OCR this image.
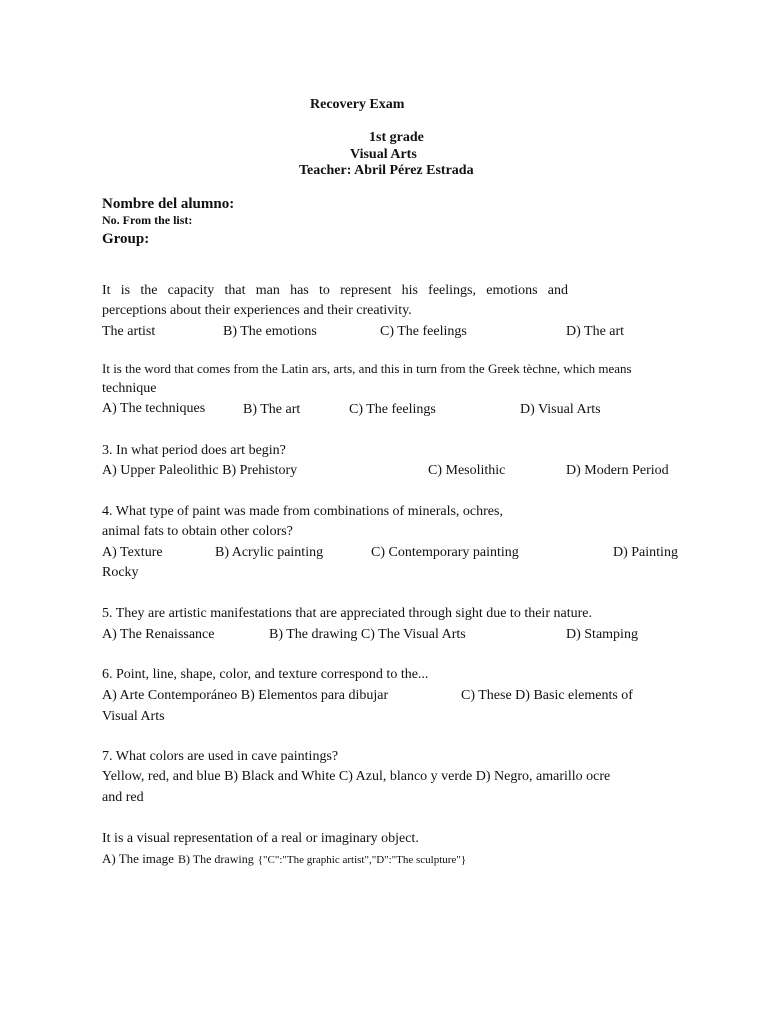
Recovery Exam
1st grade
Visual Arts
Teacher: Abril Pérez Estrada
Nombre del alumno:
No. From the list:
Group:
It is the capacity that man has to represent his feelings, emotions and
perceptions about their experiences and their creativity.
The artist	B) The emotions	C) The feelings	D) The art
It is the word that comes from the Latin ars, arts, and this in turn from the Greek tèchne, which means
technique
A) The techniques	B) The art	C) The feelings	D) Visual Arts
3. In what period does art begin?
A) Upper Paleolithic B) Prehistory	C) Mesolithic	D) Modern Period
4. What type of paint was made from combinations of minerals, ochres,
animal fats to obtain other colors?
A) Texture	B) Acrylic painting	C) Contemporary painting	D) Painting
Rocky
5. They are artistic manifestations that are appreciated through sight due to their nature.
A) The Renaissance	B) The drawing C) The Visual Arts	D) Stamping
6. Point, line, shape, color, and texture correspond to the...
A) Arte Contemporáneo B) Elementos para dibujar	C) These D) Basic elements of
Visual Arts
7. What colors are used in cave paintings?
Yellow, red, and blue B) Black and White C) Azul, blanco y verde D) Negro, amarillo ocre
and red
It is a visual representation of a real or imaginary object.
A) The image B) The drawing {"C":"The graphic artist","D":"The sculpture"}
